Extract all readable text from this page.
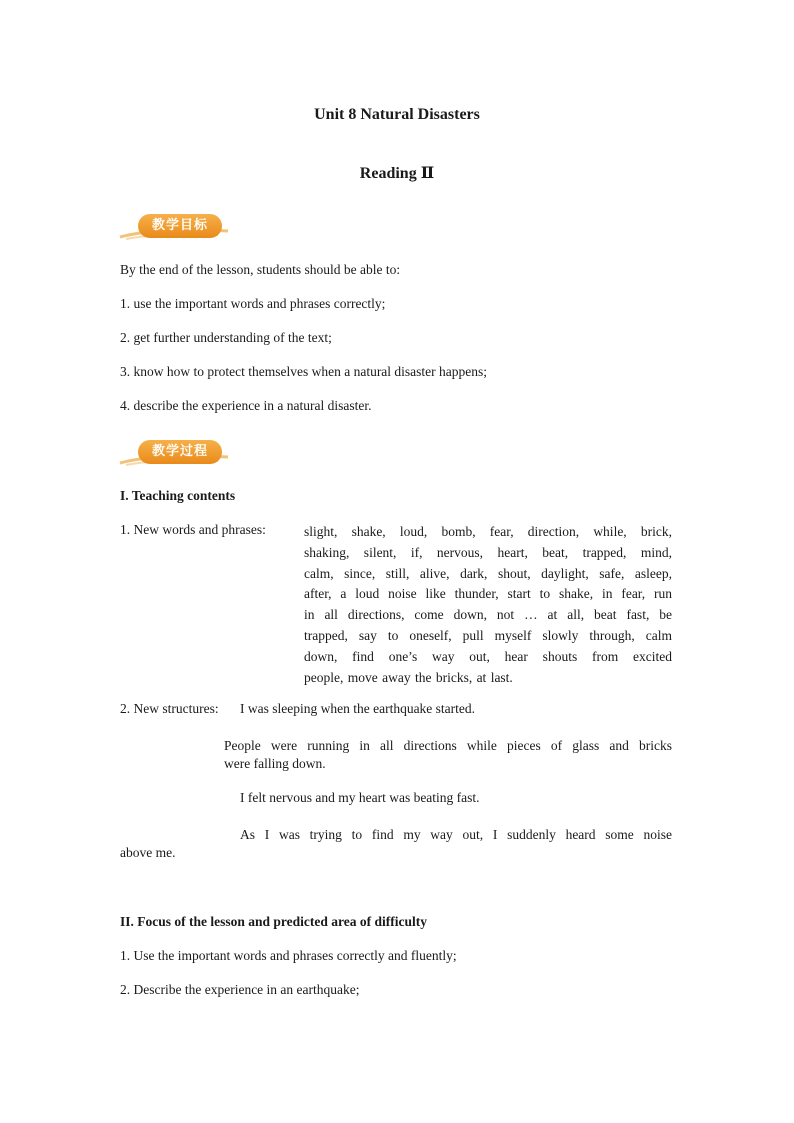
Unit 8 Natural Disasters
Reading Ⅱ
教学目标
By the end of the lesson, students should be able to:
1. use the important words and phrases correctly;
2. get further understanding of the text;
3. know how to protect themselves when a natural disaster happens;
4. describe the experience in a natural disaster.
教学过程
I. Teaching contents
1. New words and phrases:	slight, shake, loud, bomb, fear, direction, while, brick,
shaking, silent, if, nervous, heart, beat, trapped, mind,
calm, since, still, alive, dark, shout, daylight, safe, asleep,
after, a loud noise like thunder, start to shake, in fear, run
in all directions, come down, not … at all, beat fast, be
trapped, say to oneself, pull myself slowly through, calm
down, find one’s way out, hear shouts from excited
people, move away the bricks, at last.
2. New structures: I was sleeping when the earthquake started.
People were running in all directions while pieces of glass and bricks
were falling down.
I felt nervous and my heart was beating fast.
As I was trying to find my way out, I suddenly heard some noise
above me.
II. Focus of the lesson and predicted area of difficulty
1. Use the important words and phrases correctly and fluently;
2. Describe the experience in an earthquake;
